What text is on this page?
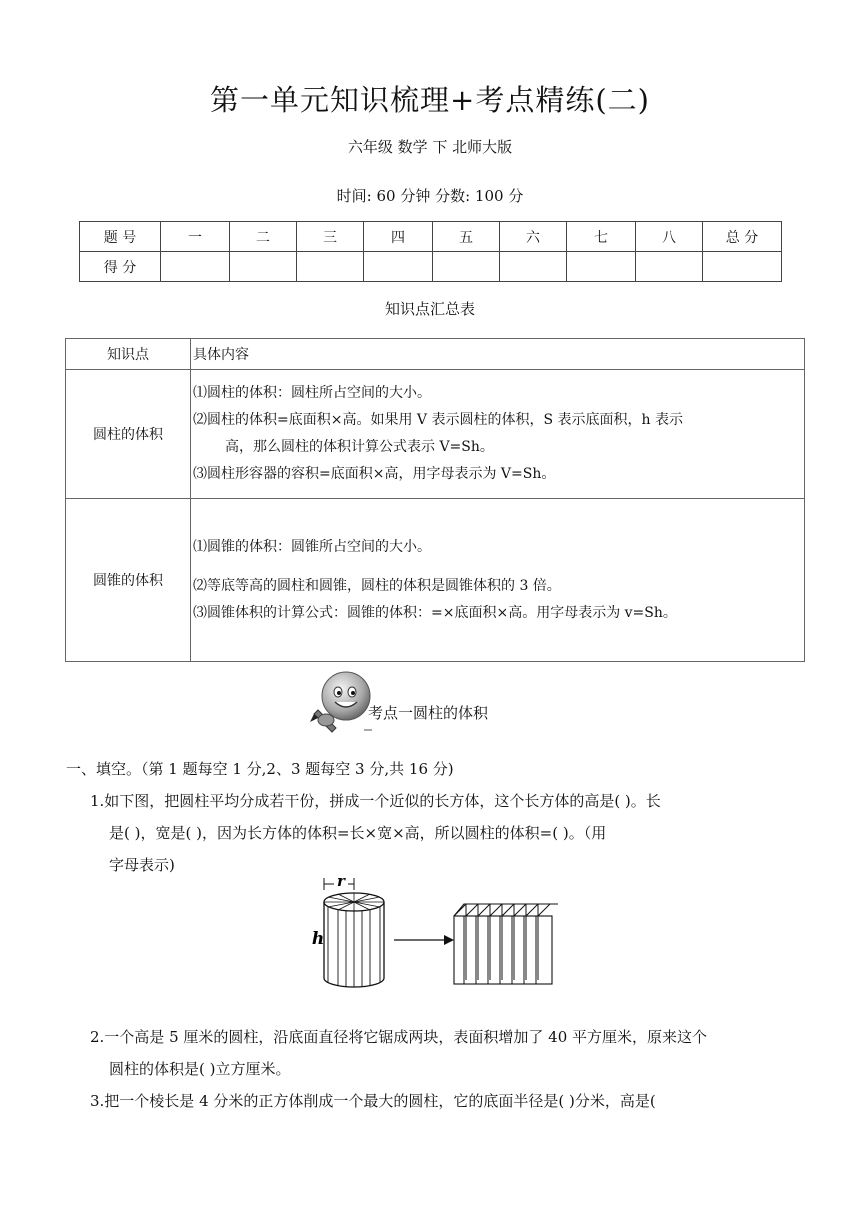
第一单元知识梳理+考点精练(二)
六年级 数学 下 北师大版
时间: 60 分钟 分数: 100 分
题 号	一	二	三	四	五	六	七	八	总 分
得 分									
知识点汇总表
知识点	具体内容
圆柱的体积	⑴圆柱的体积：圆柱所占空间的大小。
⑵圆柱的体积=底面积×高。如果用 V 表示圆柱的体积，S 表示底面积，h 表示
高，那么圆柱的体积计算公式表示 V=Sh。
⑶圆柱形容器的容积=底面积×高，用字母表示为 V=Sh。

圆锥的体积	⑴圆锥的体积：圆锥所占空间的大小。
⑵等底等高的圆柱和圆锥，圆柱的体积是圆锥体积的 3 倍。
⑶圆锥体积的计算公式：圆锥的体积：=×底面积×高。用字母表示为 v=Sh。
考点一圆柱的体积
一、填空。（第 1 题每空 1 分,2、3 题每空 3 分,共 16 分)
1.如下图，把圆柱平均分成若干份，拼成一个近似的长方体，这个长方体的高是( )。长
是( )，宽是( )，因为长方体的体积=长×宽×高，所以圆柱的体积=( )。（用
字母表示)
2.一个高是 5 厘米的圆柱，沿底面直径将它锯成两块，表面积增加了 40 平方厘米，原来这个
圆柱的体积是( )立方厘米。
3.把一个棱长是 4 分米的正方体削成一个最大的圆柱，它的底面半径是( )分米，高是(
r
h
